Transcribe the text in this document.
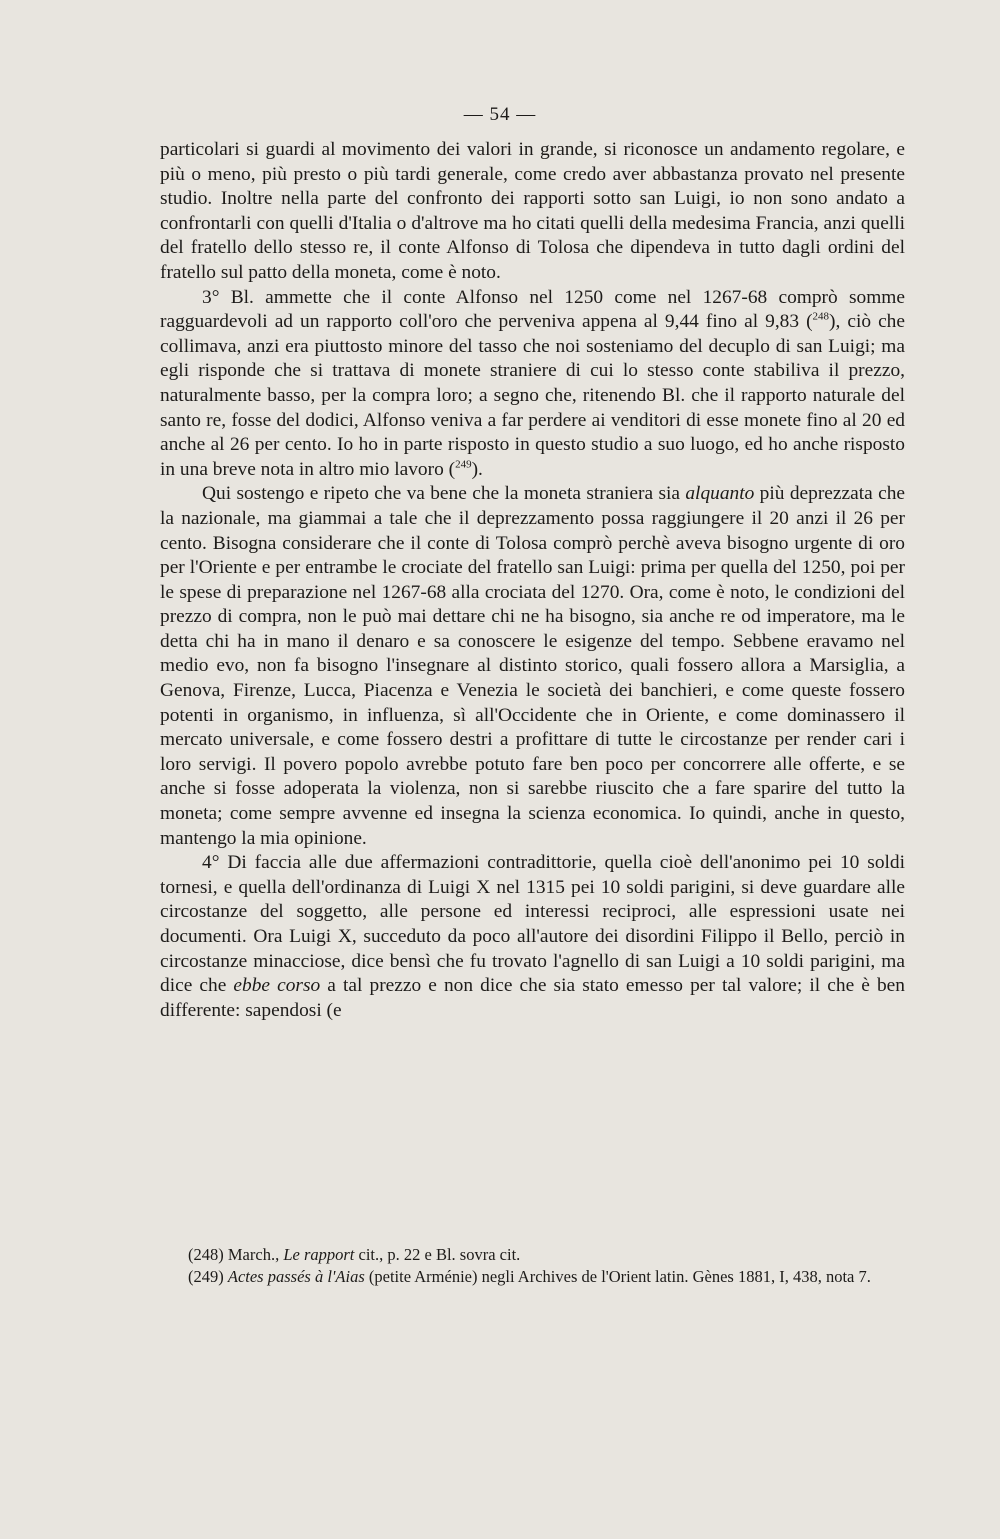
— 54 —

particolari si guardi al movimento dei valori in grande, si riconosce un andamento regolare, e più o meno, più presto o più tardi generale, come credo aver abbastanza provato nel presente studio. Inoltre nella parte del confronto dei rapporti sotto san Luigi, io non sono andato a confrontarli con quelli d'Italia o d'altrove ma ho citati quelli della medesima Francia, anzi quelli del fratello dello stesso re, il conte Alfonso di Tolosa che dipendeva in tutto dagli ordini del fratello sul patto della moneta, come è noto.

3° Bl. ammette che il conte Alfonso nel 1250 come nel 1267-68 comprò somme ragguardevoli ad un rapporto coll'oro che perveniva appena al 9,44 fino al 9,83 ($^{248}$), ciò che collimava, anzi era piuttosto minore del tasso che noi sosteniamo del decuplo di san Luigi; ma egli risponde che si trattava di monete straniere di cui lo stesso conte stabiliva il prezzo, naturalmente basso, per la compra loro; a segno che, ritenendo Bl. che il rapporto naturale del santo re, fosse del dodici, Alfonso veniva a far perdere ai venditori di esse monete fino al 20 ed anche al 26 per cento. Io ho in parte risposto in questo studio a suo luogo, ed ho anche risposto in una breve nota in altro mio lavoro ($^{249}$).

Qui sostengo e ripeto che va bene che la moneta straniera sia alquanto più deprezzata che la nazionale, ma giammai a tale che il deprezzamento possa raggiungere il 20 anzi il 26 per cento. Bisogna considerare che il conte di Tolosa comprò perchè aveva bisogno urgente di oro per l'Oriente e per entrambe le crociate del fratello san Luigi: prima per quella del 1250, poi per le spese di preparazione nel 1267-68 alla crociata del 1270. Ora, come è noto, le condizioni del prezzo di compra, non le può mai dettare chi ne ha bisogno, sia anche re od imperatore, ma le detta chi ha in mano il denaro e sa conoscere le esigenze del tempo. Sebbene eravamo nel medio evo, non fa bisogno l'insegnare al distinto storico, quali fossero allora a Marsiglia, a Genova, Firenze, Lucca, Piacenza e Venezia le società dei banchieri, e come queste fossero potenti in organismo, in influenza, sì all'Occidente che in Oriente, e come dominassero il mercato universale, e come fossero destri a profittare di tutte le circostanze per render cari i loro servigi. Il povero popolo avrebbe potuto fare ben poco per concorrere alle offerte, e se anche si fosse adoperata la violenza, non si sarebbe riuscito che a fare sparire del tutto la moneta; come sempre avvenne ed insegna la scienza economica. Io quindi, anche in questo, mantengo la mia opinione.

4° Di faccia alle due affermazioni contradittorie, quella cioè dell'anonimo pei 10 soldi tornesi, e quella dell'ordinanza di Luigi X nel 1315 pei 10 soldi parigini, si deve guardare alle circostanze del soggetto, alle persone ed interessi reciproci, alle espressioni usate nei documenti. Ora Luigi X, succeduto da poco all'autore dei disordini Filippo il Bello, perciò in circostanze minacciose, dice bensì che fu trovato l'agnello di san Luigi a 10 soldi parigini, ma dice che ebbe corso a tal prezzo e non dice che sia stato emesso per tal valore; il che è ben differente: sapendosi (e

(248) March., Le rapport cit., p. 22 e Bl. sovra cit.

(249) Actes passés à l'Aias (petite Arménie) negli Archives de l'Orient latin. Gènes 1881, I, 438, nota 7.
